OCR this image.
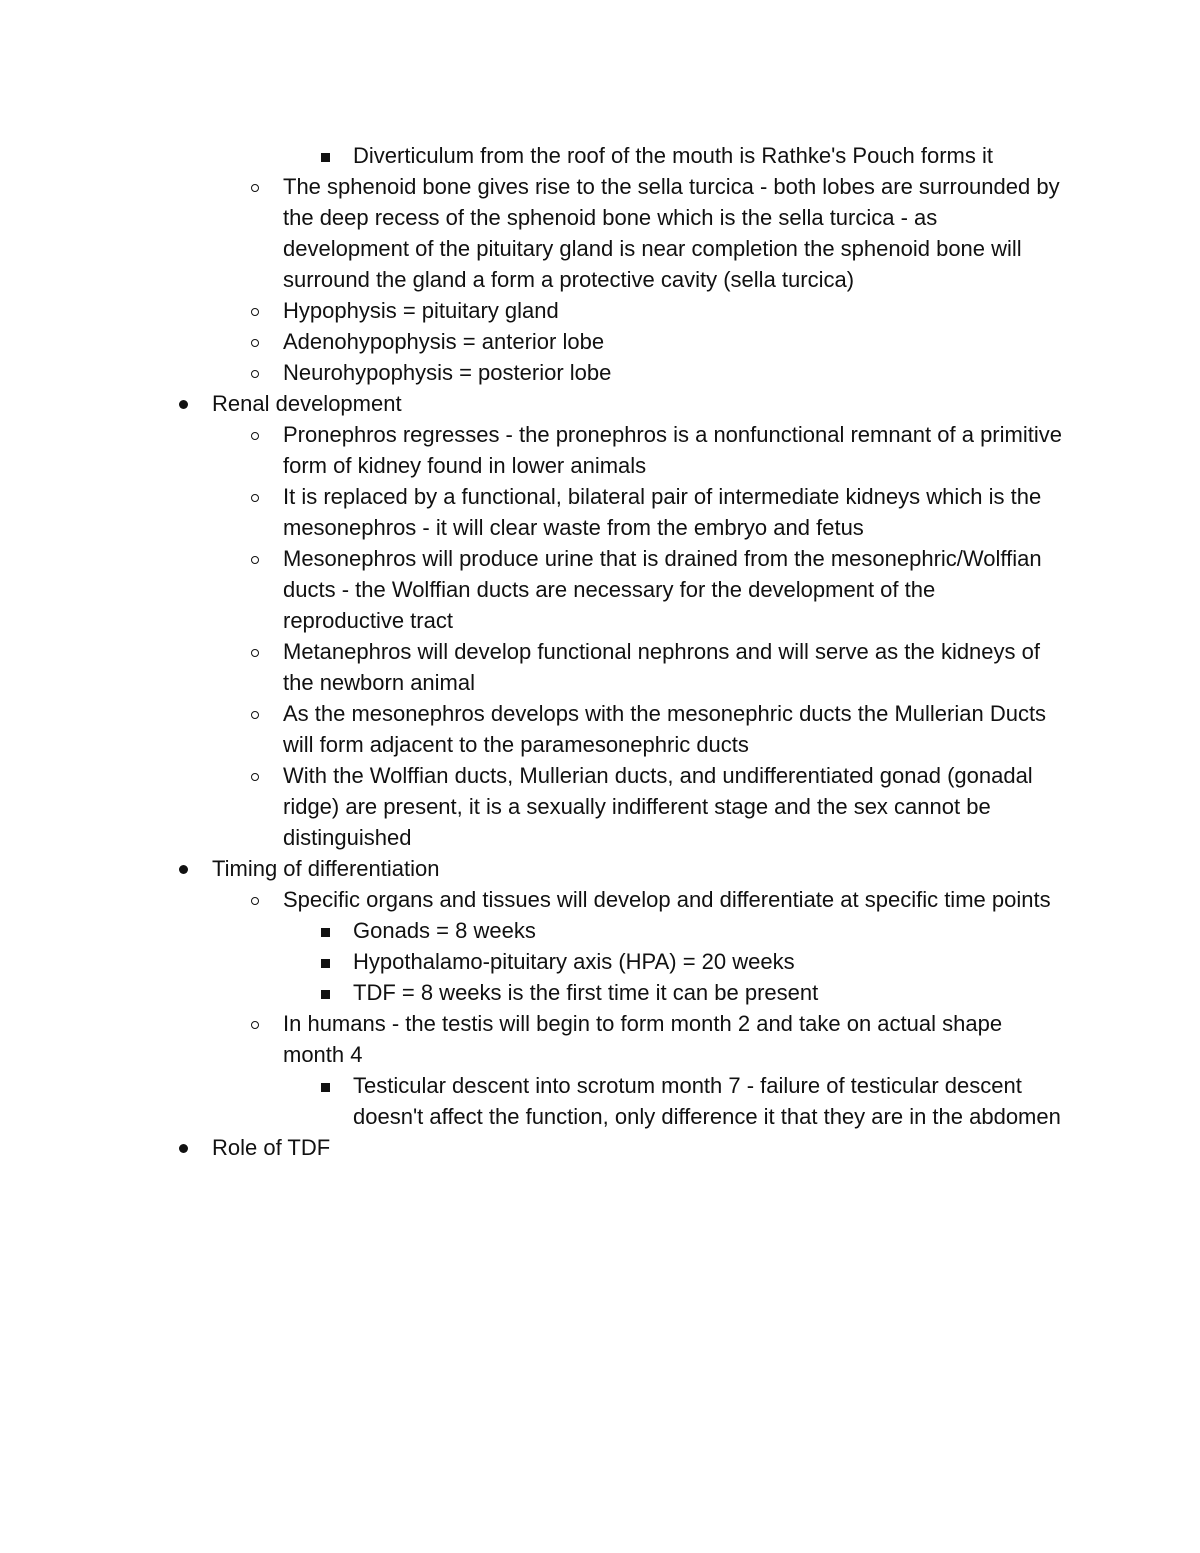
Diverticulum from the roof of the mouth is Rathke's Pouch forms it
The sphenoid bone gives rise to the sella turcica - both lobes are surrounded by the deep recess of the sphenoid bone which is the sella turcica - as development of the pituitary gland is near completion the sphenoid bone will surround the gland a form a protective cavity (sella turcica)
Hypophysis = pituitary gland
Adenohypophysis = anterior lobe
Neurohypophysis = posterior lobe
Renal development
Pronephros regresses - the pronephros is a nonfunctional remnant of a primitive form of kidney found in lower animals
It is replaced by a functional, bilateral pair of intermediate kidneys which is the mesonephros - it will clear waste from the embryo and fetus
Mesonephros will produce urine that is drained from the mesonephric/Wolffian ducts - the Wolffian ducts are necessary for the development of the reproductive tract
Metanephros will develop functional nephrons and will serve as the kidneys of the newborn animal
As the mesonephros develops with the mesonephric ducts the Mullerian Ducts will form adjacent to the paramesonephric ducts
With the Wolffian ducts, Mullerian ducts, and undifferentiated gonad (gonadal ridge) are present, it is a sexually indifferent stage and the sex cannot be distinguished
Timing of differentiation
Specific organs and tissues will develop and differentiate at specific time points
Gonads = 8 weeks
Hypothalamo-pituitary axis (HPA) = 20 weeks
TDF = 8 weeks is the first time it can be present
In humans - the testis will begin to form month 2 and take on actual shape month 4
Testicular descent into scrotum month 7 - failure of testicular descent doesn't affect the function, only difference it that they are in the abdomen
Role of TDF
